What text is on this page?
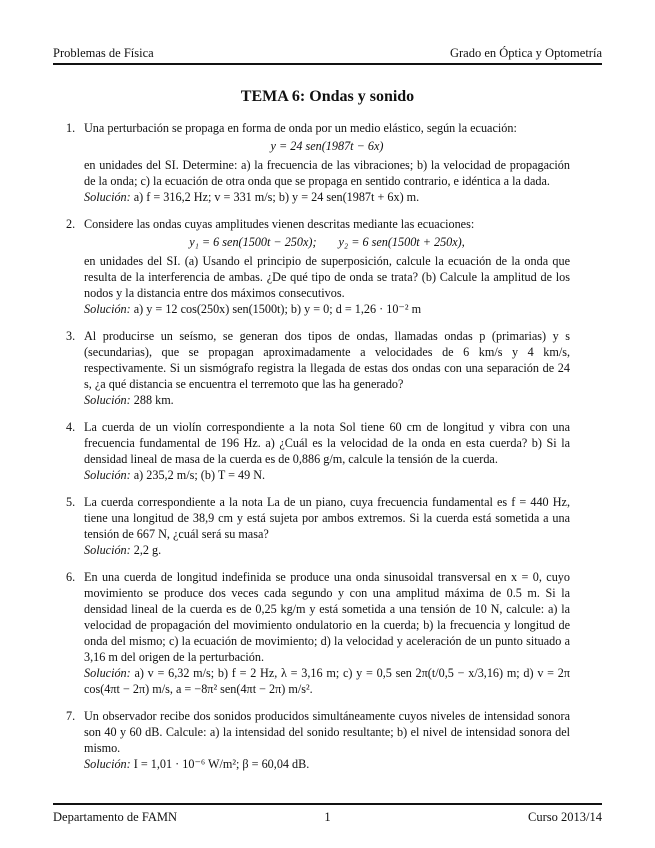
Problemas de Física	Grado en Óptica y Optometría
TEMA 6: Ondas y sonido
1. Una perturbación se propaga en forma de onda por un medio elástico, según la ecuación:
y = 24 sen(1987t − 6x)
en unidades del SI. Determine: a) la frecuencia de las vibraciones; b) la velocidad de propagación de la onda; c) la ecuación de otra onda que se propaga en sentido contrario, e idéntica a la dada.
Solución: a) f = 316,2 Hz; v = 331 m/s; b) y = 24 sen(1987t + 6x) m.
2. Considere las ondas cuyas amplitudes vienen descritas mediante las ecuaciones:
y₁ = 6 sen(1500t − 250x); y₂ = 6 sen(1500t + 250x),
en unidades del SI. (a) Usando el principio de superposición, calcule la ecuación de la onda que resulta de la interferencia de ambas. ¿De qué tipo de onda se trata? (b) Calcule la amplitud de los nodos y la distancia entre dos máximos consecutivos.
Solución: a) y = 12 cos(250x) sen(1500t); b) y = 0; d = 1,26 · 10⁻² m
3. Al producirse un seísmo, se generan dos tipos de ondas, llamadas ondas p (primarias) y s (secundarias), que se propagan aproximadamente a velocidades de 6 km/s y 4 km/s, respectivamente. Si un sismógrafo registra la llegada de estas dos ondas con una separación de 24 s, ¿a qué distancia se encuentra el terremoto que las ha generado?
Solución: 288 km.
4. La cuerda de un violín correspondiente a la nota Sol tiene 60 cm de longitud y vibra con una frecuencia fundamental de 196 Hz. a) ¿Cuál es la velocidad de la onda en esta cuerda? b) Si la densidad lineal de masa de la cuerda es de 0,886 g/m, calcule la tensión de la cuerda.
Solución: a) 235,2 m/s; (b) T = 49 N.
5. La cuerda correspondiente a la nota La de un piano, cuya frecuencia fundamental es f = 440 Hz, tiene una longitud de 38,9 cm y está sujeta por ambos extremos. Si la cuerda está sometida a una tensión de 667 N, ¿cuál será su masa?
Solución: 2,2 g.
6. En una cuerda de longitud indefinida se produce una onda sinusoidal transversal en x = 0, cuyo movimiento se produce dos veces cada segundo y con una amplitud máxima de 0.5 m. Si la densidad lineal de la cuerda es de 0,25 kg/m y está sometida a una tensión de 10 N, calcule: a) la velocidad de propagación del movimiento ondulatorio en la cuerda; b) la frecuencia y longitud de onda del mismo; c) la ecuación de movimiento; d) la velocidad y aceleración de un punto situado a 3,16 m del origen de la perturbación.
Solución: a) v = 6,32 m/s; b) f = 2 Hz, λ = 3,16 m; c) y = 0,5 sen 2π(t/0,5 − x/3,16) m; d) v = 2π cos(4πt − 2π) m/s, a = −8π² sen(4πt − 2π) m/s².
7. Un observador recibe dos sonidos producidos simultáneamente cuyos niveles de intensidad sonora son 40 y 60 dB. Calcule: a) la intensidad del sonido resultante; b) el nivel de intensidad sonora del mismo.
Solución: I = 1,01 · 10⁻⁶ W/m²; β = 60,04 dB.
Departamento de FAMN	1	Curso 2013/14
